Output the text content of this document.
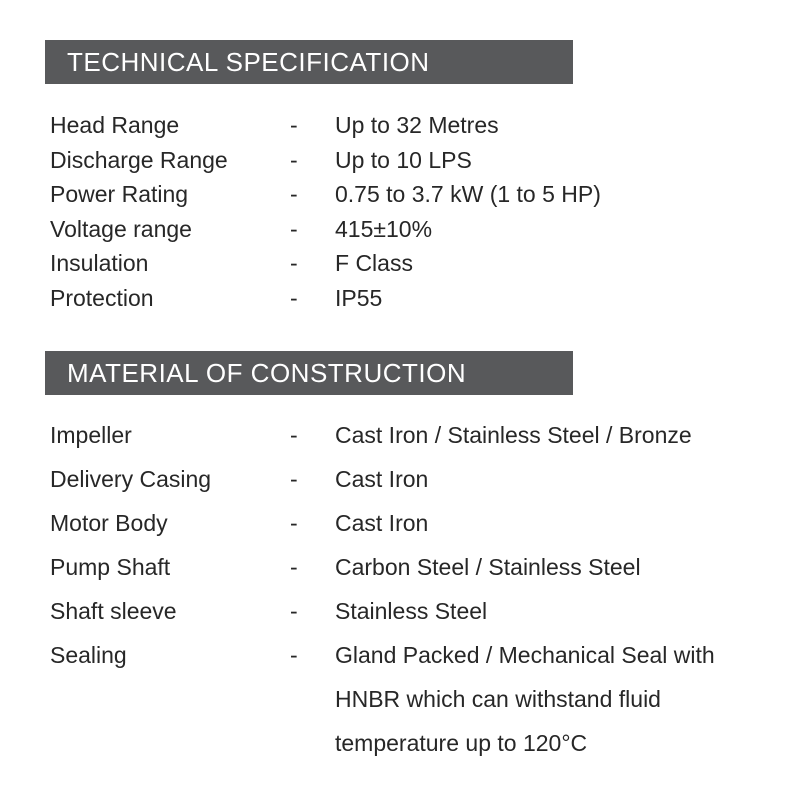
TECHNICAL SPECIFICATION
Head Range	-	Up to 32 Metres
Discharge Range	-	Up to 10 LPS
Power Rating	-	0.75 to 3.7 kW (1 to 5 HP)
Voltage range	-	415±10%
Insulation	-	F Class
Protection	-	IP55
MATERIAL OF CONSTRUCTION
Impeller	-	Cast Iron / Stainless Steel / Bronze
Delivery Casing	-	Cast Iron
Motor Body	-	Cast Iron
Pump Shaft	-	Carbon Steel / Stainless Steel
Shaft sleeve	-	Stainless Steel
Sealing	-	Gland Packed / Mechanical Seal with
HNBR which can withstand fluid
temperature up to 120°C
